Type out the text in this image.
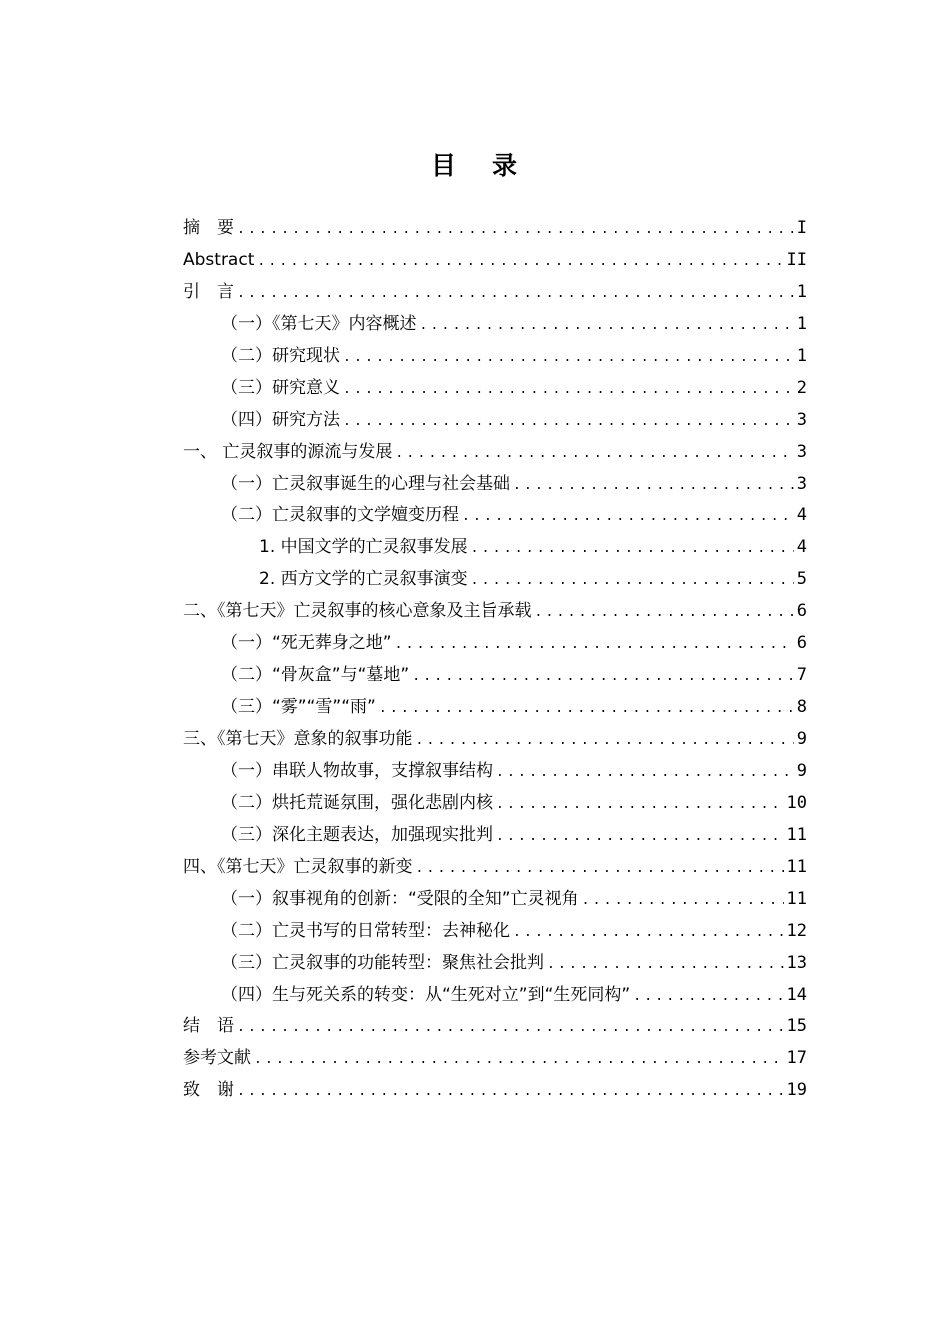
目 录
摘　要 .....	I
Abstract .....	II
引　言 .....	1
（一）《第七天》内容概述 .....	1
（二）研究现状 .....	1
（三）研究意义 .....	2
（四）研究方法 .....	3
一、 亡灵叙事的源流与发展 .....	3
（一）亡灵叙事诞生的心理与社会基础 .....	3
（二）亡灵叙事的文学嬗变历程 .....	4
1. 中国文学的亡灵叙事发展 .....	4
2. 西方文学的亡灵叙事演变 .....	5
二、《第七天》亡灵叙事的核心意象及主旨承载 .....	6
（一）“死无葬身之地” .....	6
（二）“骨灰盒”与“墓地” .....	7
（三）“雾”“雪”“雨” .....	8
三、《第七天》意象的叙事功能 .....	9
（一）串联人物故事，支撑叙事结构 .....	9
（二）烘托荒诞氛围，强化悲剧内核 .....	10
（三）深化主题表达，加强现实批判 .....	11
四、《第七天》亡灵叙事的新变 .....	11
（一）叙事视角的创新：“受限的全知”亡灵视角 .....	11
（二）亡灵书写的日常转型：去神秘化 .....	12
（三）亡灵叙事的功能转型：聚焦社会批判 .....	13
（四）生与死关系的转变：从“生死对立”到“生死同构” .....	14
结　语 .....	15
参考文献 .....	17
致　谢 .....	19
